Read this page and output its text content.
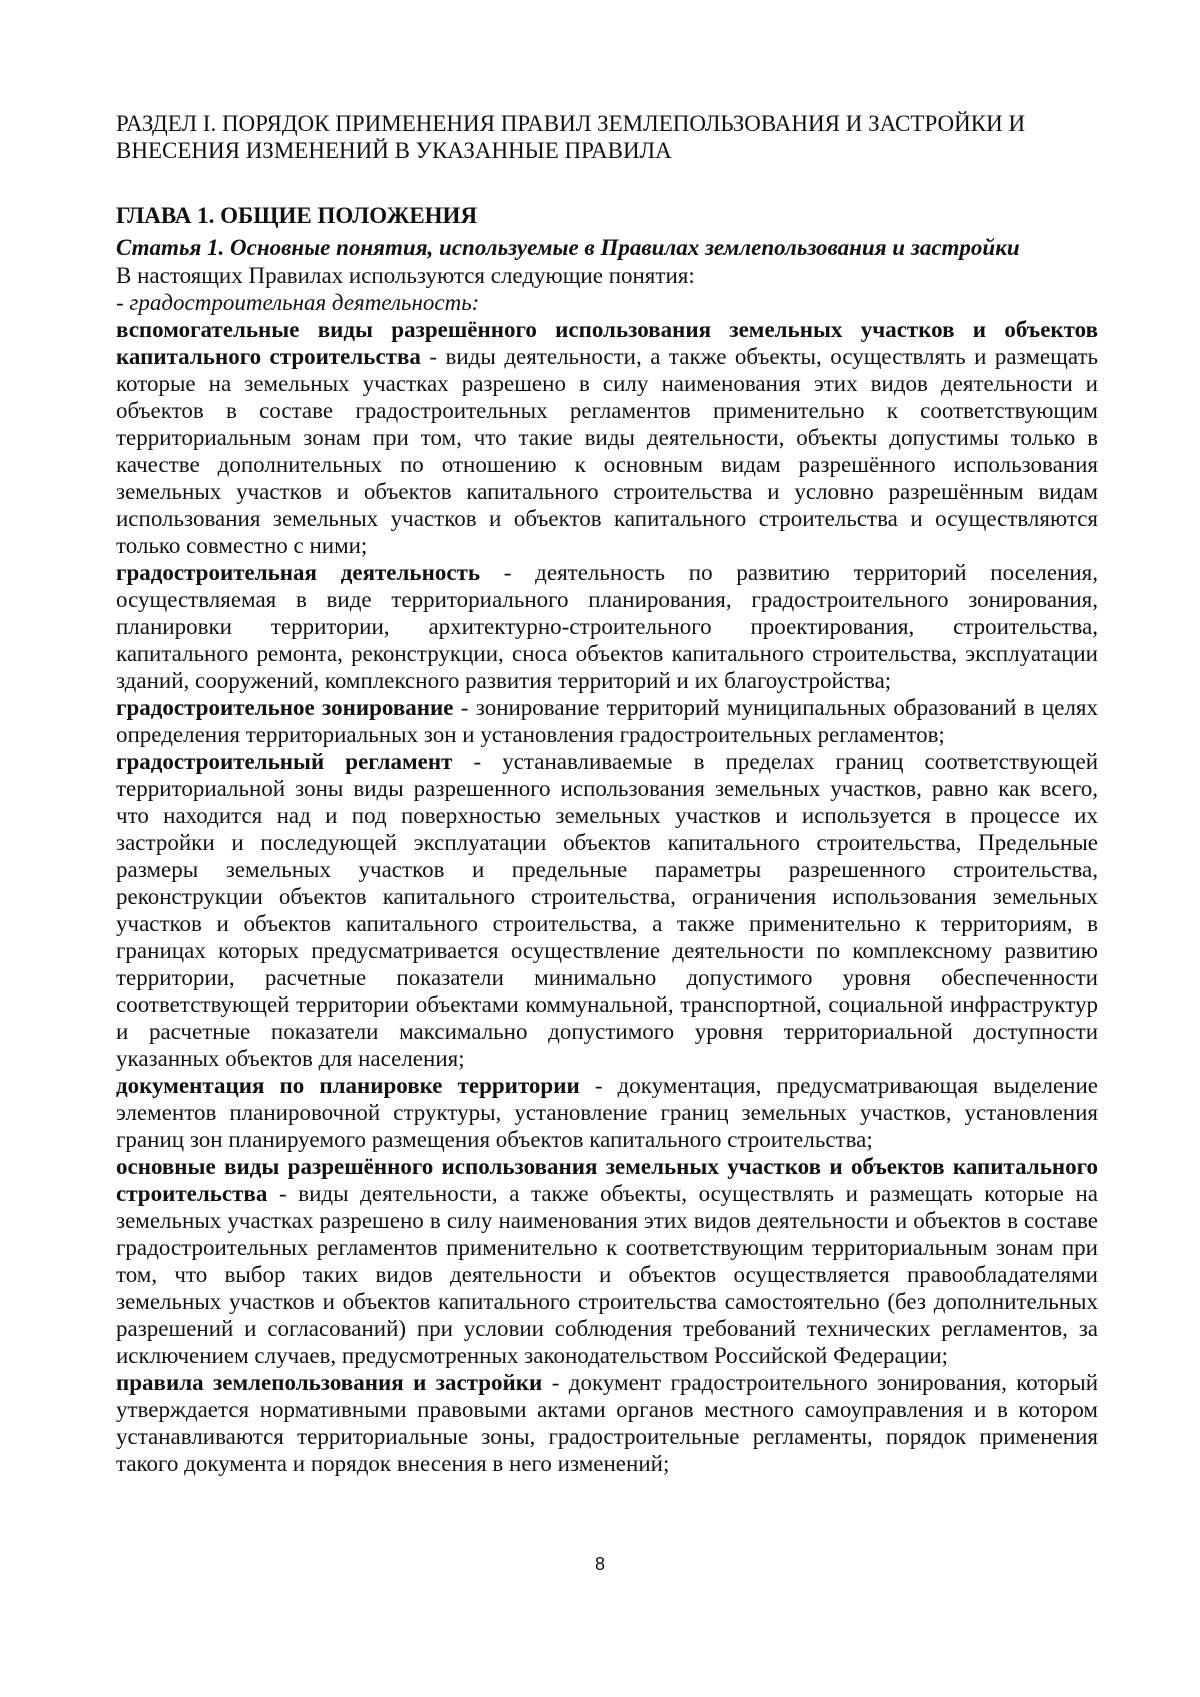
РАЗДЕЛ I. ПОРЯДОК ПРИМЕНЕНИЯ ПРАВИЛ ЗЕМЛЕПОЛЬЗОВАНИЯ И ЗАСТРОЙКИ И ВНЕСЕНИЯ ИЗМЕНЕНИЙ В УКАЗАННЫЕ ПРАВИЛА
ГЛАВА 1. ОБЩИЕ ПОЛОЖЕНИЯ
Статья 1. Основные понятия, используемые в Правилах землепользования и застройки

В настоящих Правилах используются следующие понятия:

- градостроительная деятельность:

вспомогательные виды разрешённого использования земельных участков и объектов капитального строительства - виды деятельности, а также объекты, осуществлять и размещать которые на земельных участках разрешено в силу наименования этих видов деятельности и объектов в составе градостроительных регламентов применительно к соответствующим территориальным зонам при том, что такие виды деятельности, объекты допустимы только в качестве дополнительных по отношению к основным видам разрешённого использования земельных участков и объектов капитального строительства и условно разрешённым видам использования земельных участков и объектов капитального строительства и осуществляются только совместно с ними;

градостроительная деятельность - деятельность по развитию территорий поселения, осуществляемая в виде территориального планирования, градостроительного зонирования, планировки территории, архитектурно-строительного проектирования, строительства, капитального ремонта, реконструкции, сноса объектов капитального строительства, эксплуатации зданий, сооружений, комплексного развития территорий и их благоустройства;

градостроительное зонирование - зонирование территорий муниципальных образований в целях определения территориальных зон и установления градостроительных регламентов;

градостроительный регламент - устанавливаемые в пределах границ соответствующей территориальной зоны виды разрешенного использования земельных участков, равно как всего, что находится над и под поверхностью земельных участков и используется в процессе их застройки и последующей эксплуатации объектов капитального строительства, Предельные размеры земельных участков и предельные параметры разрешенного строительства, реконструкции объектов капитального строительства, ограничения использования земельных участков и объектов капитального строительства, а также применительно к территориям, в границах которых предусматривается осуществление деятельности по комплексному развитию территории, расчетные показатели минимально допустимого уровня обеспеченности соответствующей территории объектами коммунальной, транспортной, социальной инфраструктур и расчетные показатели максимально допустимого уровня территориальной доступности указанных объектов для населения;

документация по планировке территории - документация, предусматривающая выделение элементов планировочной структуры, установление границ земельных участков, установления границ зон планируемого размещения объектов капитального строительства;

основные виды разрешённого использования земельных участков и объектов капитального строительства - виды деятельности, а также объекты, осуществлять и размещать которые на земельных участках разрешено в силу наименования этих видов деятельности и объектов в составе градостроительных регламентов применительно к соответствующим территориальным зонам при том, что выбор таких видов деятельности и объектов осуществляется правообладателями земельных участков и объектов капитального строительства самостоятельно (без дополнительных разрешений и согласований) при условии соблюдения требований технических регламентов, за исключением случаев, предусмотренных законодательством Российской Федерации;

правила землепользования и застройки - документ градостроительного зонирования, который утверждается нормативными правовыми актами органов местного самоуправления и в котором устанавливаются территориальные зоны, градостроительные регламенты, порядок применения такого документа и порядок внесения в него изменений;

8
